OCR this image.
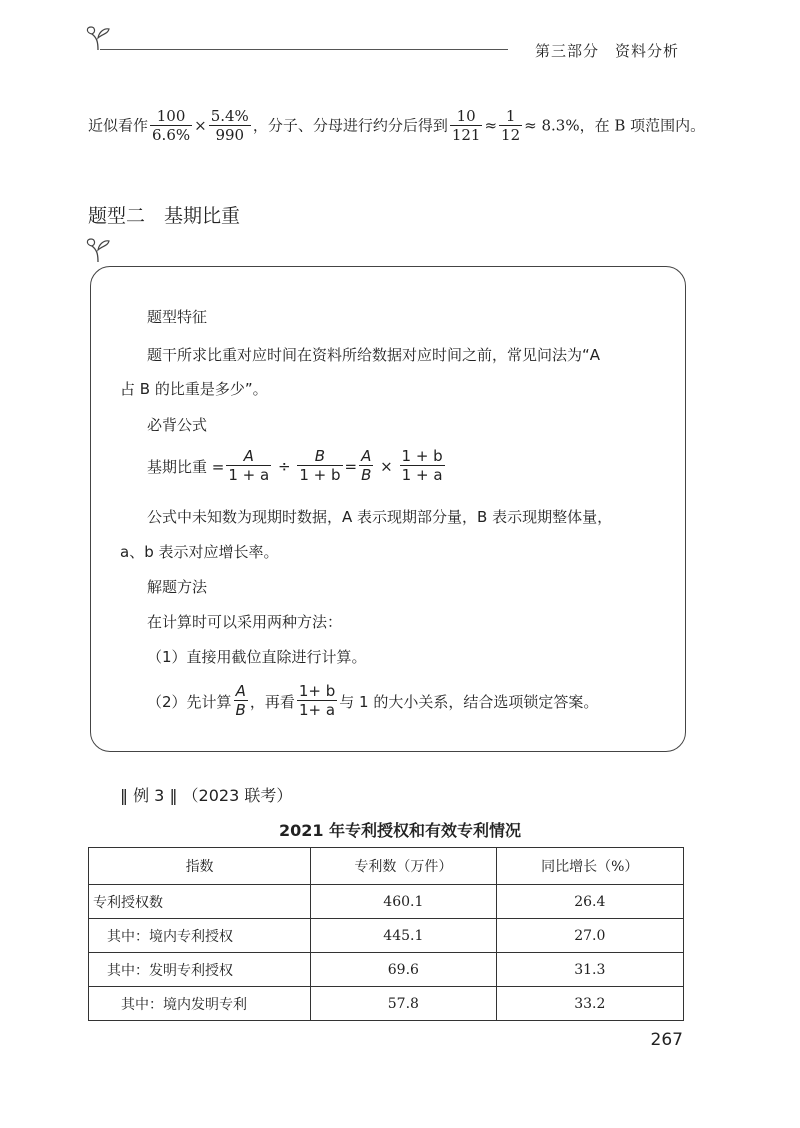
第三部分　资料分析
近似看作 $\frac{100}{6.6\%} \times \frac{5.4\%}{990}$ ，分子、分母进行约分后得到 $\frac{10}{121} \approx \frac{1}{12} \approx 8.3\%$，在 B 项范围内。
题型二　基期比重
题型特征
题干所求比重对应时间在资料所给数据对应时间之前，常见问法为“A
占 B 的比重是多少”。
必背公式
基期比重 = $\frac{A}{1 + a} \div \frac{B}{1 + b} = \frac{A}{B} \times \frac{1 + b}{1 + a}$
公式中未知数为现期时数据，A 表示现期部分量，B 表示现期整体量，
a、b 表示对应增长率。
解题方法
在计算时可以采用两种方法：
（1）直接用截位直除进行计算。
（2）先计算 $\frac{A}{B}$ ，再看 $\frac{1+ b}{1+ a}$ 与 1 的大小关系，结合选项锁定答案。
‖ 例 3 ‖ （2023 联考）
2021 年专利授权和有效专利情况
指数	专利数（万件）	同比增长（%）
专利授权数	460.1	26.4
其中：境内专利授权	445.1	27.0
其中：发明专利授权	69.6	31.3
其中：境内发明专利	57.8	33.2
267
